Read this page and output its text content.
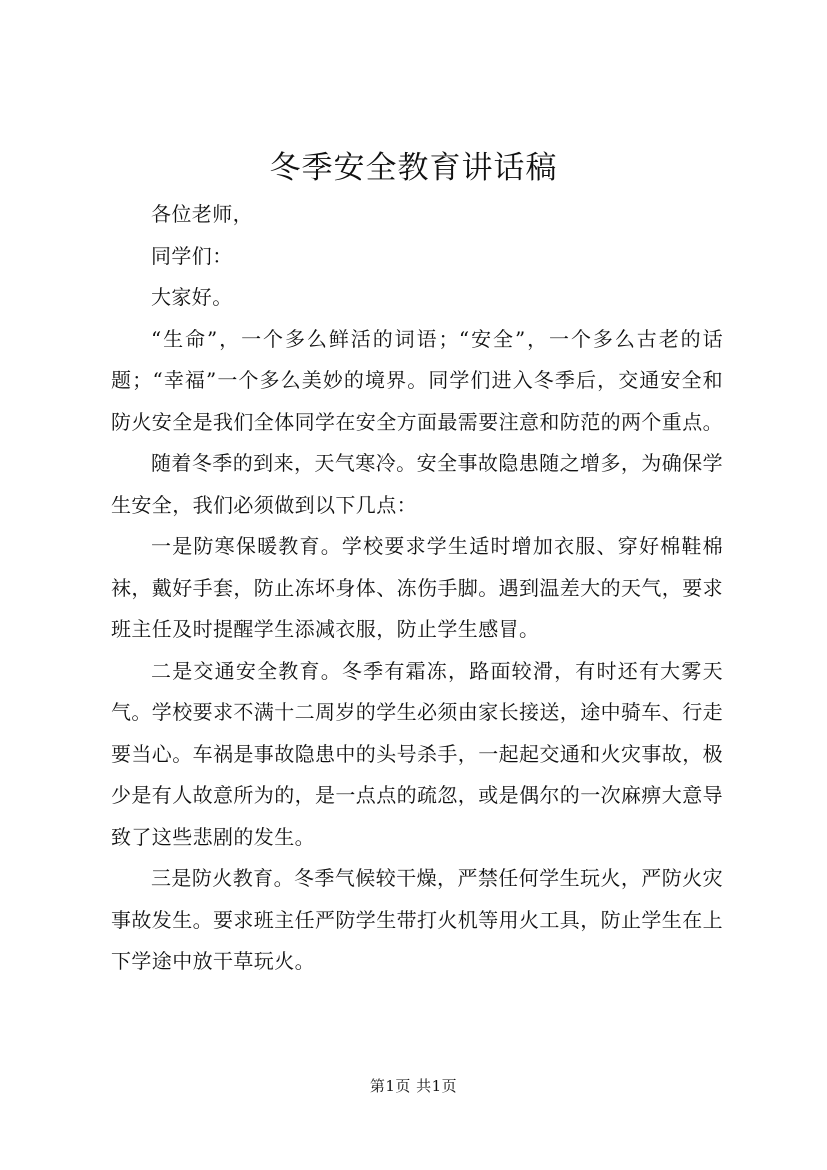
冬季安全教育讲话稿

各位老师，

同学们：

大家好。

“生命”，一个多么鲜活的词语；“安全”，一个多么古老的话题；“幸福”一个多么美妙的境界。同学们进入冬季后，交通安全和防火安全是我们全体同学在安全方面最需要注意和防范的两个重点。

随着冬季的到来，天气寒冷。安全事故隐患随之增多，为确保学生安全，我们必须做到以下几点：

一是防寒保暖教育。学校要求学生适时增加衣服、穿好棉鞋棉袜，戴好手套，防止冻坏身体、冻伤手脚。遇到温差大的天气，要求班主任及时提醒学生添减衣服，防止学生感冒。

二是交通安全教育。冬季有霜冻，路面较滑，有时还有大雾天气。学校要求不满十二周岁的学生必须由家长接送，途中骑车、行走要当心。车祸是事故隐患中的头号杀手，一起起交通和火灾事故，极少是有人故意所为的，是一点点的疏忽，或是偶尔的一次麻痹大意导致了这些悲剧的发生。

三是防火教育。冬季气候较干燥，严禁任何学生玩火，严防火灾事故发生。要求班主任严防学生带打火机等用火工具，防止学生在上下学途中放干草玩火。

第1页 共1页
